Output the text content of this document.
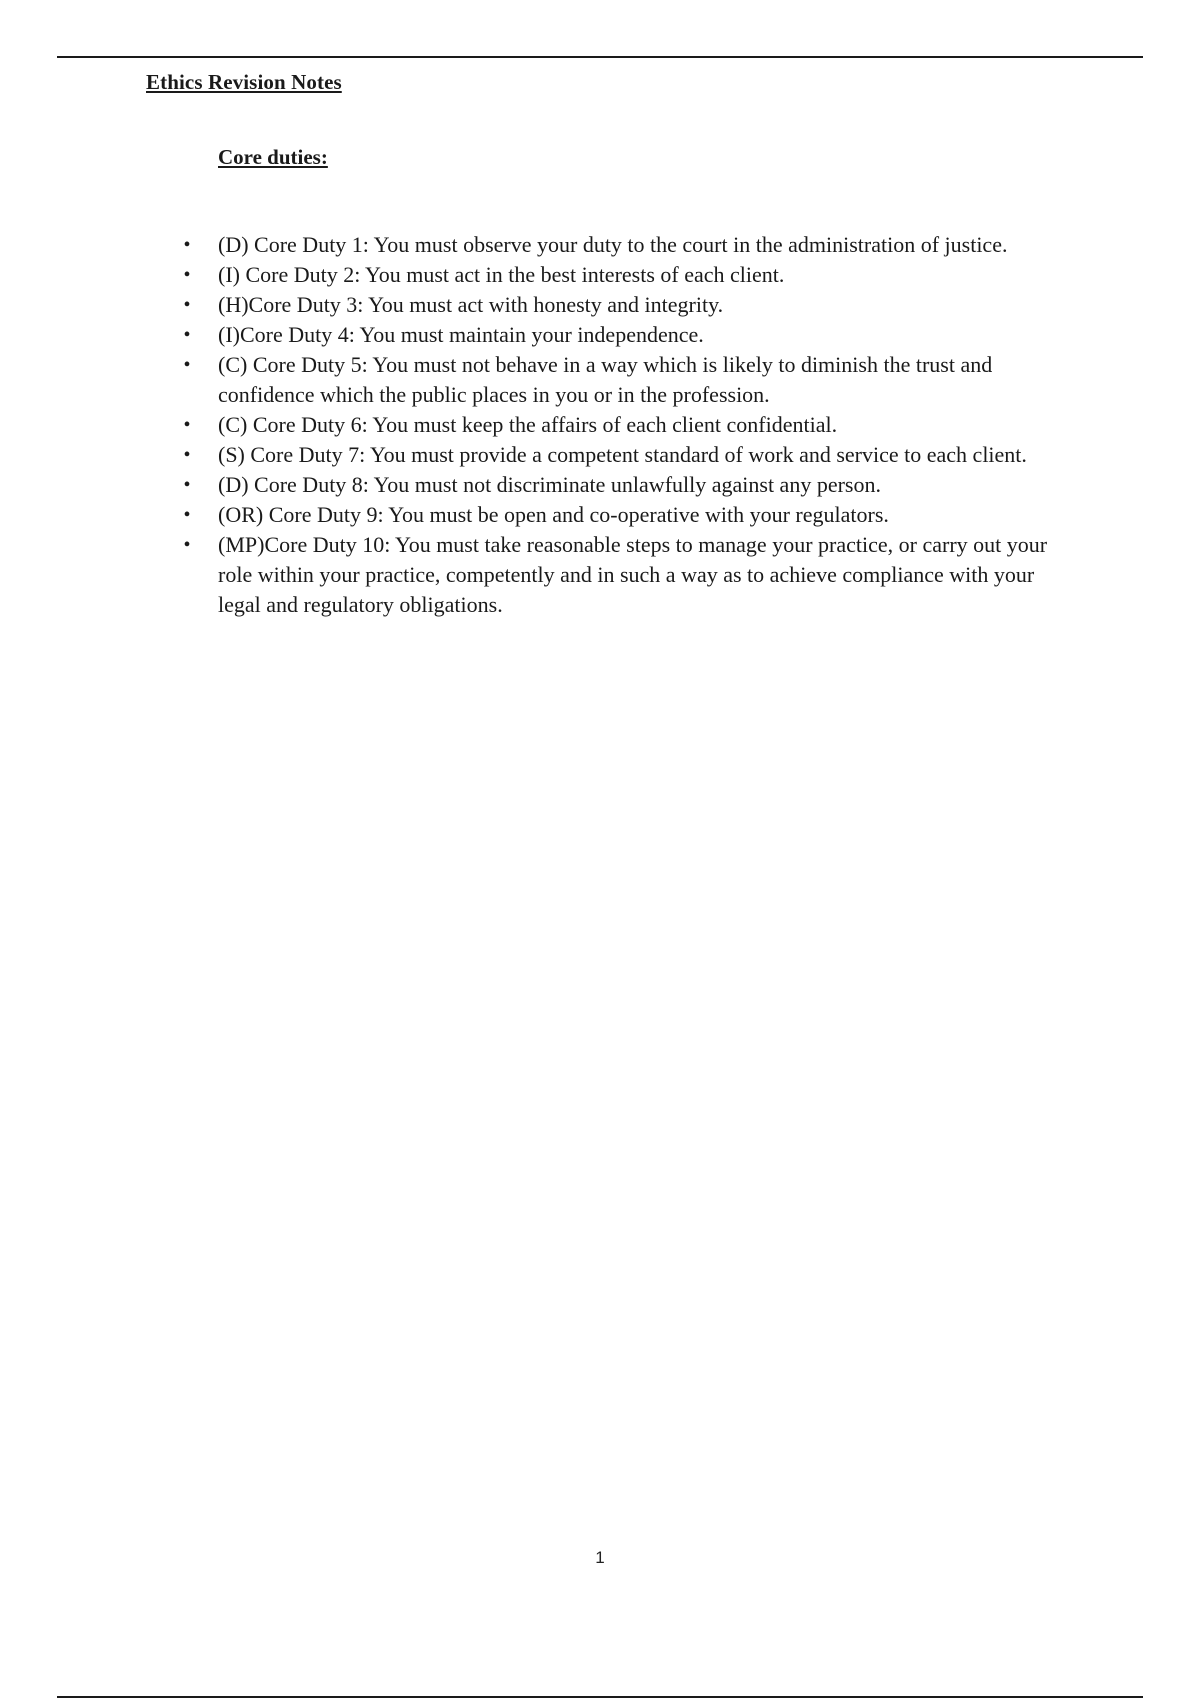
Ethics Revision Notes
Core duties:
• (D) Core Duty 1: You must observe your duty to the court in the administration of justice.
• (I) Core Duty 2: You must act in the best interests of each client.
• (H)Core Duty 3: You must act with honesty and integrity.
• (I)Core Duty 4: You must maintain your independence.
• (C) Core Duty 5: You must not behave in a way which is likely to diminish the trust and confidence which the public places in you or in the profession.
• (C) Core Duty 6: You must keep the affairs of each client confidential.
• (S) Core Duty 7: You must provide a competent standard of work and service to each client.
• (D) Core Duty 8: You must not discriminate unlawfully against any person.
• (OR) Core Duty 9: You must be open and co-operative with your regulators.
• (MP)Core Duty 10: You must take reasonable steps to manage your practice, or carry out your role within your practice, competently and in such a way as to achieve compliance with your legal and regulatory obligations.
1
